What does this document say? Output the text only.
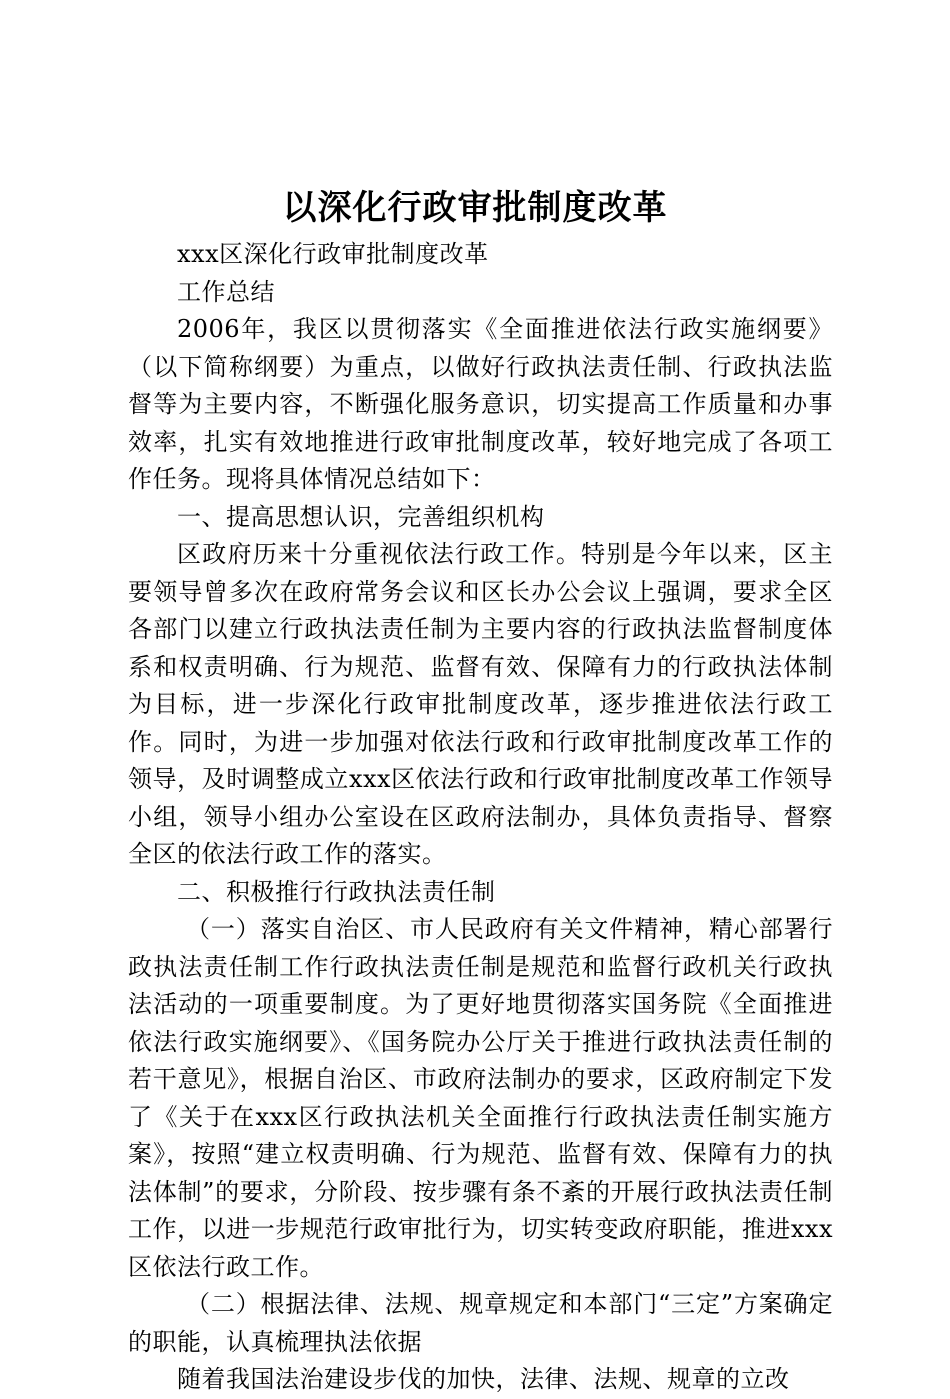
以深化行政审批制度改革

xxx区深化行政审批制度改革

工作总结

2006年，我区以贯彻落实《全面推进依法行政实施纲要》（以下简称纲要）为重点，以做好行政执法责任制、行政执法监督等为主要内容，不断强化服务意识，切实提高工作质量和办事效率，扎实有效地推进行政审批制度改革，较好地完成了各项工作任务。现将具体情况总结如下：

一、提高思想认识，完善组织机构

区政府历来十分重视依法行政工作。特别是今年以来，区主要领导曾多次在政府常务会议和区长办公会议上强调，要求全区各部门以建立行政执法责任制为主要内容的行政执法监督制度体系和权责明确、行为规范、监督有效、保障有力的行政执法体制为目标，进一步深化行政审批制度改革，逐步推进依法行政工作。同时，为进一步加强对依法行政和行政审批制度改革工作的领导，及时调整成立xxx区依法行政和行政审批制度改革工作领导小组，领导小组办公室设在区政府法制办，具体负责指导、督察全区的依法行政工作的落实。

二、积极推行行政执法责任制

（一）落实自治区、市人民政府有关文件精神，精心部署行政执法责任制工作行政执法责任制是规范和监督行政机关行政执法活动的一项重要制度。为了更好地贯彻落实国务院《全面推进依法行政实施纲要》、《国务院办公厅关于推进行政执法责任制的若干意见》，根据自治区、市政府法制办的要求，区政府制定下发了《关于在xxx区行政执法机关全面推行行政执法责任制实施方案》，按照“建立权责明确、行为规范、监督有效、保障有力的执法体制”的要求，分阶段、按步骤有条不紊的开展行政执法责任制工作，以进一步规范行政审批行为，切实转变政府职能，推进xxx区依法行政工作。

（二）根据法律、法规、规章规定和本部门“三定”方案确定的职能，认真梳理执法依据

随着我国法治建设步伐的加快，法律、法规、规章的立改
